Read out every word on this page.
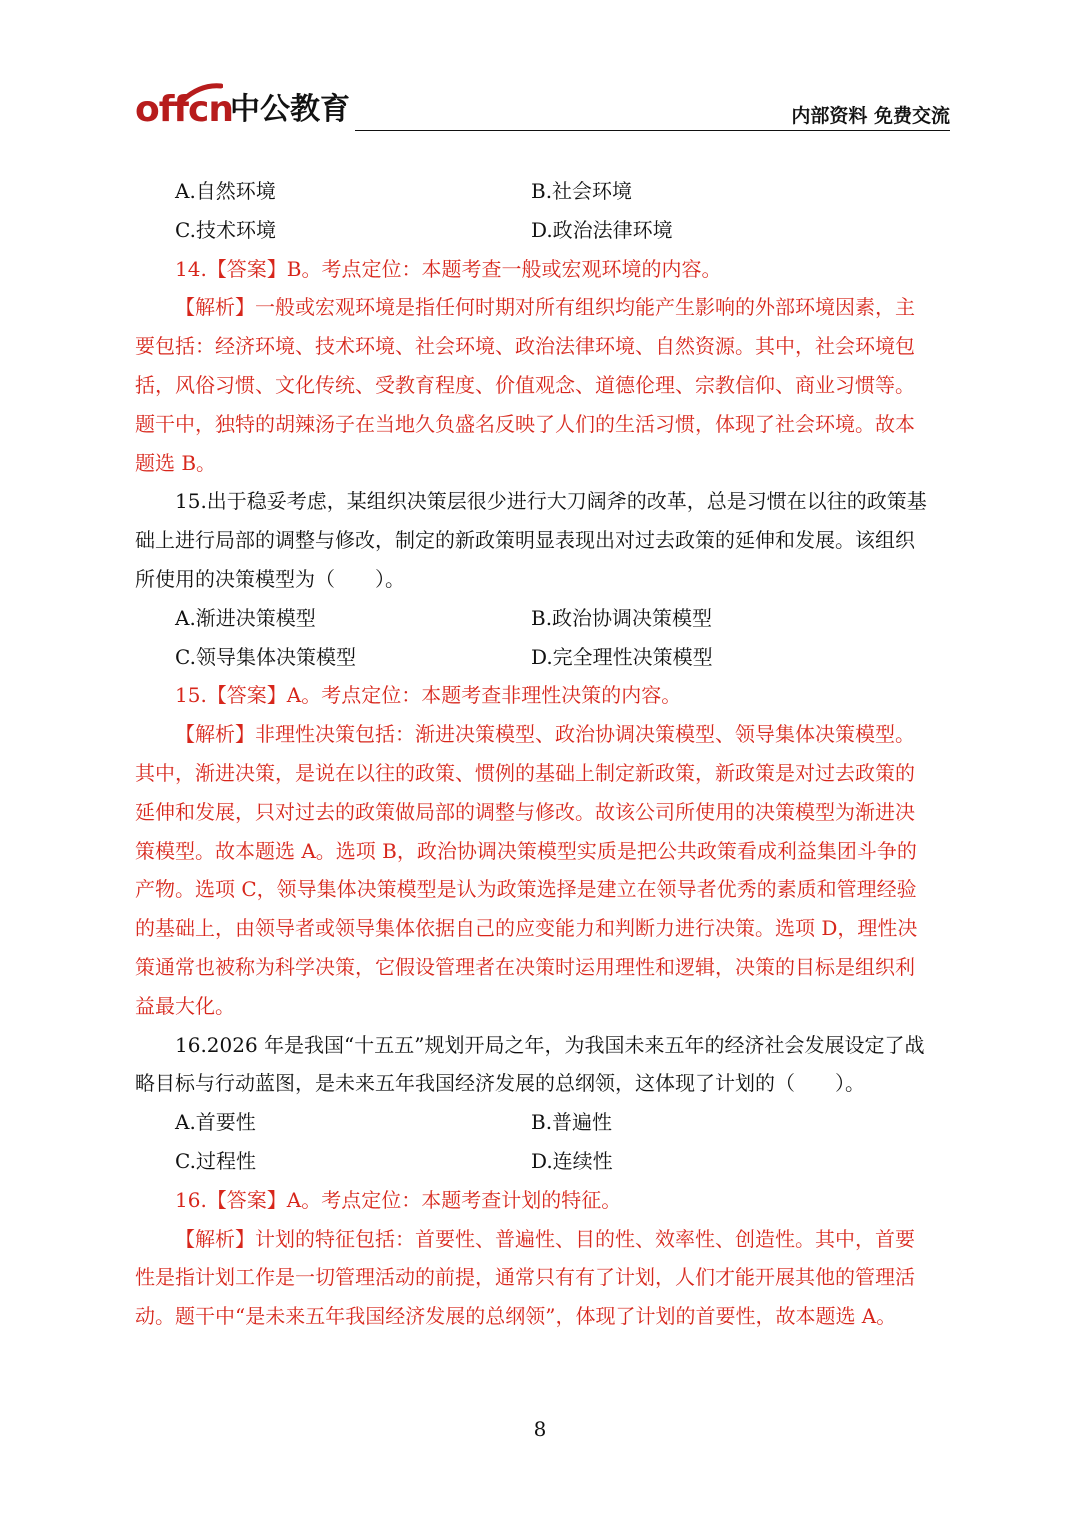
offcn
中公教育	内部资料 免费交流
A.自然环境	B.社会环境
C.技术环境	D.政治法律环境
14.【答案】B。考点定位：本题考查一般或宏观环境的内容。
【解析】一般或宏观环境是指任何时期对所有组织均能产生影响的外部环境因素，主
要包括：经济环境、技术环境、社会环境、政治法律环境、自然资源。其中，社会环境包
括，风俗习惯、文化传统、受教育程度、价值观念、道德伦理、宗教信仰、商业习惯等。
题干中，独特的胡辣汤子在当地久负盛名反映了人们的生活习惯，体现了社会环境。故本
题选 B。
15.出于稳妥考虑，某组织决策层很少进行大刀阔斧的改革，总是习惯在以往的政策基
础上进行局部的调整与修改，制定的新政策明显表现出对过去政策的延伸和发展。该组织
所使用的决策模型为（　　）。
A.渐进决策模型	B.政治协调决策模型
C.领导集体决策模型	D.完全理性决策模型
15.【答案】A。考点定位：本题考查非理性决策的内容。
【解析】非理性决策包括：渐进决策模型、政治协调决策模型、领导集体决策模型。
其中，渐进决策，是说在以往的政策、惯例的基础上制定新政策，新政策是对过去政策的
延伸和发展，只对过去的政策做局部的调整与修改。故该公司所使用的决策模型为渐进决
策模型。故本题选 A。选项 B，政治协调决策模型实质是把公共政策看成利益集团斗争的
产物。选项 C，领导集体决策模型是认为政策选择是建立在领导者优秀的素质和管理经验
的基础上，由领导者或领导集体依据自己的应变能力和判断力进行决策。选项 D，理性决
策通常也被称为科学决策，它假设管理者在决策时运用理性和逻辑，决策的目标是组织利
益最大化。
16.2026 年是我国“十五五”规划开局之年，为我国未来五年的经济社会发展设定了战
略目标与行动蓝图，是未来五年我国经济发展的总纲领，这体现了计划的（　　）。
A.首要性	B.普遍性
C.过程性	D.连续性
16.【答案】A。考点定位：本题考查计划的特征。
【解析】计划的特征包括：首要性、普遍性、目的性、效率性、创造性。其中，首要
性是指计划工作是一切管理活动的前提，通常只有有了计划，人们才能开展其他的管理活
动。题干中“是未来五年我国经济发展的总纲领”，体现了计划的首要性，故本题选 A。
8
